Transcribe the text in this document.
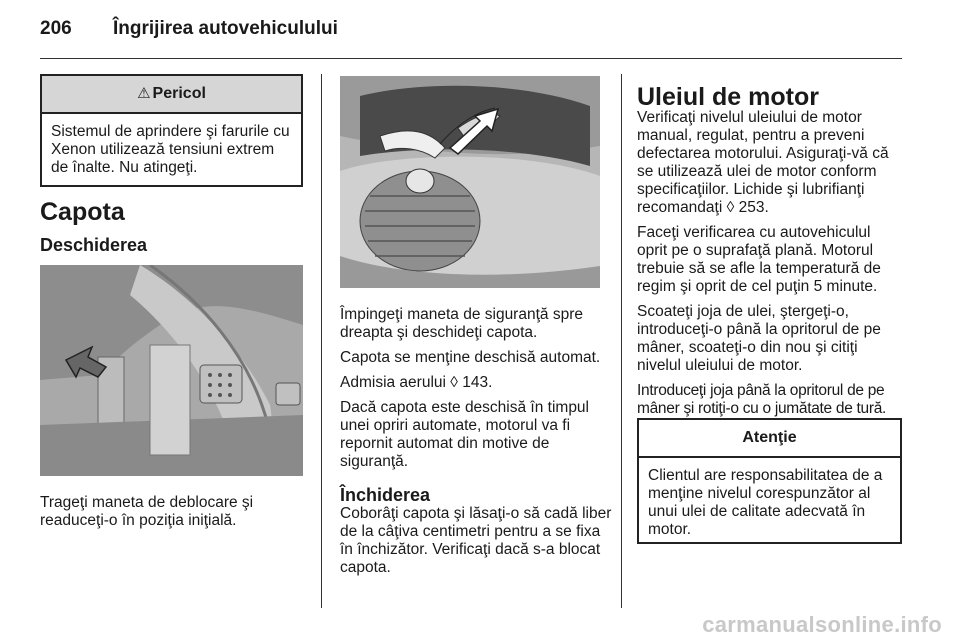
206 Îngrijirea autovehiculului
⚠ Pericol
Sistemul de aprindere şi farurile cu Xenon utilizează tensiuni extrem de înalte. Nu atingeţi.
Capota
Deschiderea
Trageţi maneta de deblocare şi readuceţi-o în poziţia iniţială.

Împingeţi maneta de siguranţă spre dreapta şi deschideţi capota.

Capota se menţine deschisă automat.

Admisia aerului ◊ 143.

Dacă capota este deschisă în timpul unei opriri automate, motorul va fi repornit automat din motive de siguranţă.

Închiderea

Coborâţi capota şi lăsaţi-o să cadă liber de la câţiva centimetri pentru a se fixa în închizător. Verificaţi dacă s-a blocat capota.

Uleiul de motor

Verificaţi nivelul uleiului de motor manual, regulat, pentru a preveni defectarea motorului. Asiguraţi-vă că se utilizează ulei de motor conform specificaţiilor. Lichide şi lubrifianţi recomandaţi ◊ 253.

Faceţi verificarea cu autovehiculul oprit pe o suprafaţă plană. Motorul trebuie să se afle la temperatură de regim şi oprit de cel puţin 5 minute.

Scoateţi joja de ulei, ştergeţi-o, introduceţi-o până la opritorul de pe mâner, scoateţi-o din nou şi citiţi nivelul uleiului de motor.

Introduceţi joja până la opritorul de pe mâner şi rotiţi-o cu o jumătate de tură.

Atenţie
Clientul are responsabilitatea de a menţine nivelul corespunzător al unui ulei de calitate adecvată în motor.
carmanualsonline.info
